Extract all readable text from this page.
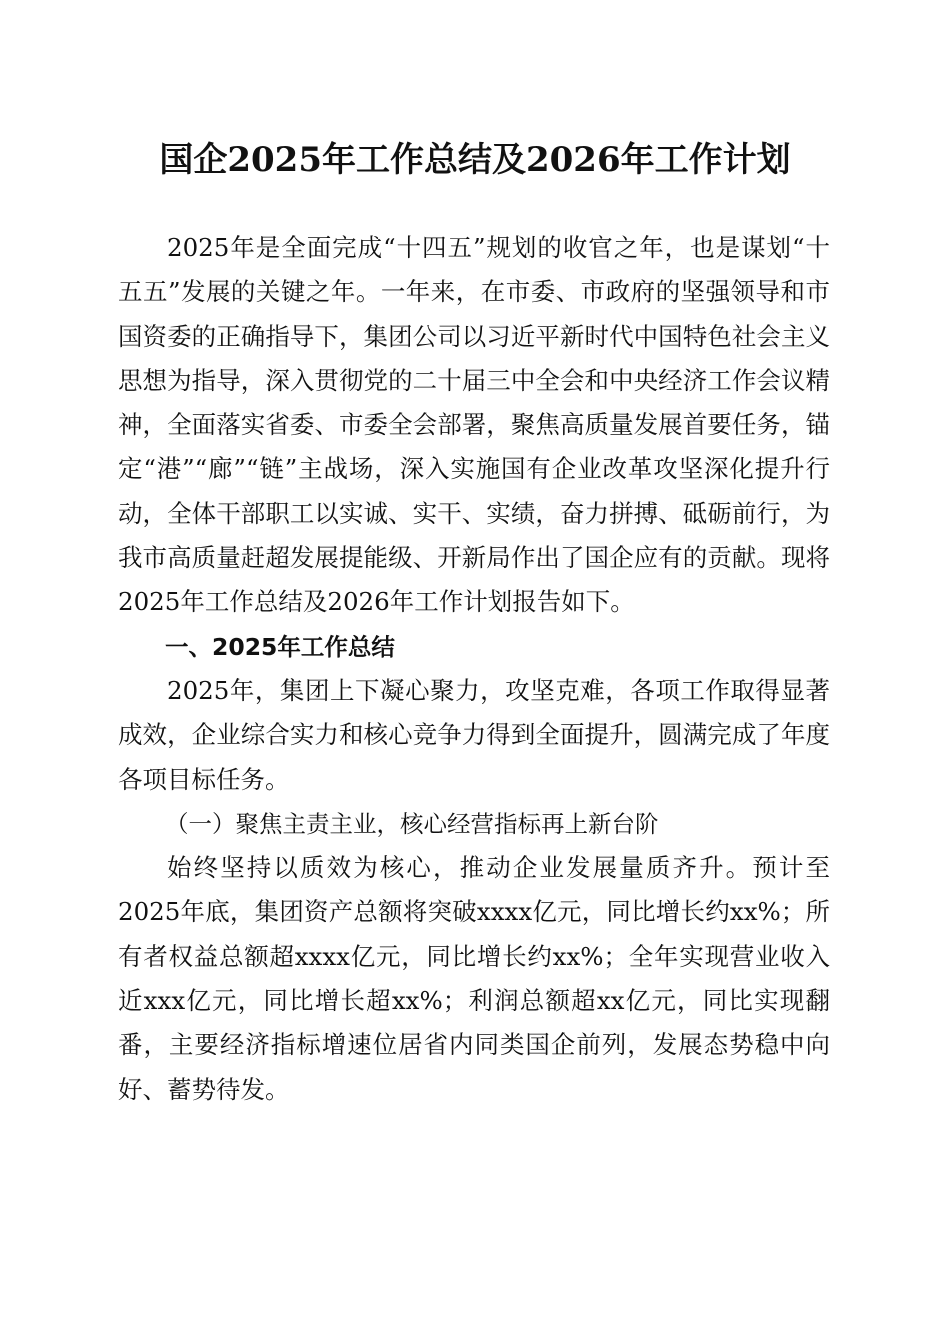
国企2025年工作总结及2026年工作计划

2025年是全面完成“十四五”规划的收官之年，也是谋划“十五五”发展的关键之年。一年来，在市委、市政府的坚强领导和市国资委的正确指导下，集团公司以习近平新时代中国特色社会主义思想为指导，深入贯彻党的二十届三中全会和中央经济工作会议精神，全面落实省委、市委全会部署，聚焦高质量发展首要任务，锚定“港”“廊”“链”主战场，深入实施国有企业改革攻坚深化提升行动，全体干部职工以实诚、实干、实绩，奋力拼搏、砥砺前行，为我市高质量赶超发展提能级、开新局作出了国企应有的贡献。现将2025年工作总结及2026年工作计划报告如下。

一、2025年工作总结

2025年，集团上下凝心聚力，攻坚克难，各项工作取得显著成效，企业综合实力和核心竞争力得到全面提升，圆满完成了年度各项目标任务。

（一）聚焦主责主业，核心经营指标再上新台阶

始终坚持以质效为核心，推动企业发展量质齐升。预计至2025年底，集团资产总额将突破xxxx亿元，同比增长约xx%；所有者权益总额超xxxx亿元，同比增长约xx%；全年实现营业收入近xxx亿元，同比增长超xx%；利润总额超xx亿元，同比实现翻番，主要经济指标增速位居省内同类国企前列，发展态势稳中向好、蓄势待发。
